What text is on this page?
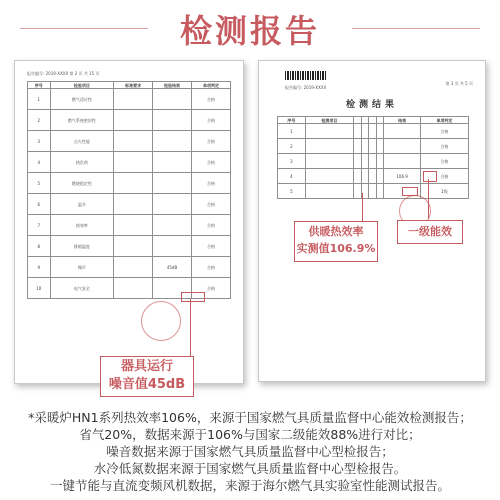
检测报告
报告编号: 2019-XXXX 第 2 页 共 15 页
序号	检验项目	标准要求	检验结果	单项判定
1	燃气适应性			合格
2	燃气系统密封性			合格
3	点火性能			合格
4	热负荷			合格
5	燃烧稳定性			合格
6	温升			合格
7	热效率			合格
8	排烟温度			合格
9	噪声		45dB	合格
10	电气安全			合格
报告编号: 2019-XXXX
第 3 页 共 5 页
检测结果
序号	检测项目					结果	单项判定
1							合格
2							合格
3							合格
4						106.9	合格
5							1级
供暖热效率
实测值106.9%
一级能效
器具运行
噪音值45dB
*采暖炉HN1系列热效率106%，来源于国家燃气具质量监督中心能效检测报告；
省气20%，数据来源于106%与国家二级能效88%进行对比；
噪音数据来源于国家燃气具质量监督中心型检报告；
水冷低氮数据来源于国家燃气具质量监督中心型检报告。
一键节能与直流变频风机数据，来源于海尔燃气具实验室性能测试报告。
